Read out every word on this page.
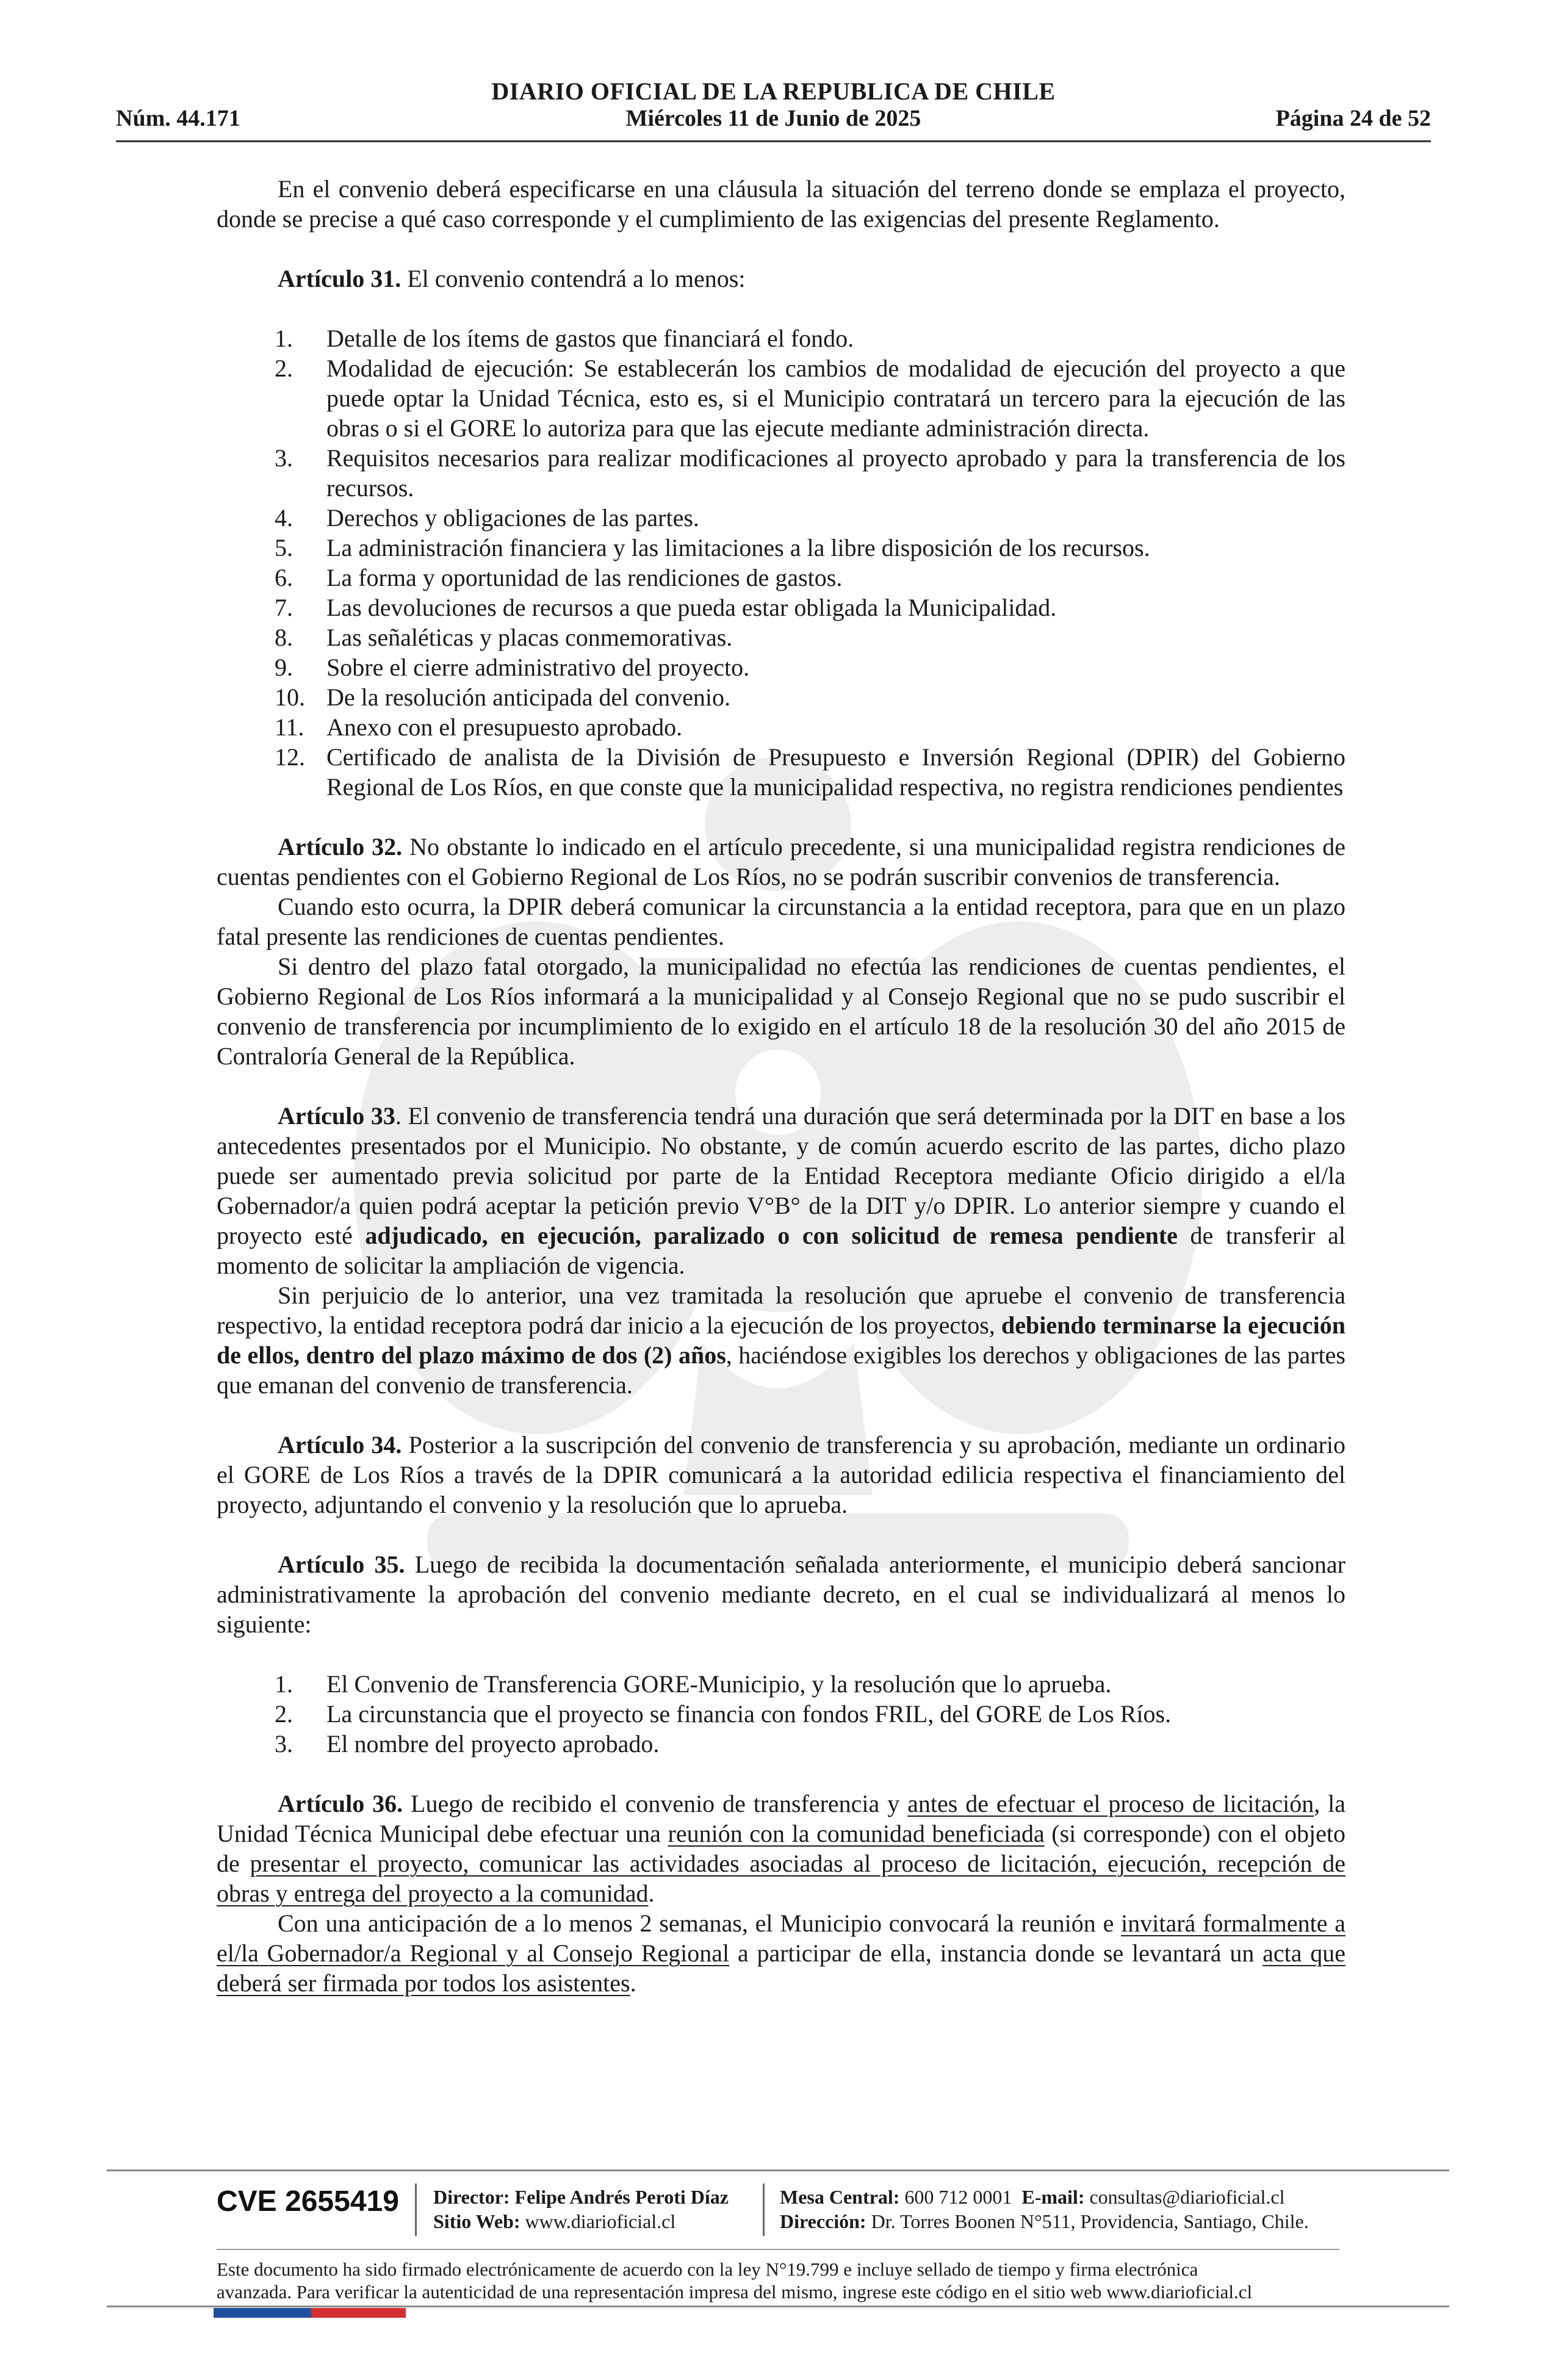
DIARIO OFICIAL DE LA REPUBLICA DE CHILE
Núm. 44.171	Miércoles 11 de Junio de 2025	Página 24 de 52

En el convenio deberá especificarse en una cláusula la situación del terreno donde se emplaza el proyecto, donde se precise a qué caso corresponde y el cumplimiento de las exigencias del presente Reglamento.

Artículo 31. El convenio contendrá a lo menos:

1. Detalle de los ítems de gastos que financiará el fondo.
2. Modalidad de ejecución: Se establecerán los cambios de modalidad de ejecución del proyecto a que puede optar la Unidad Técnica, esto es, si el Municipio contratará un tercero para la ejecución de las obras o si el GORE lo autoriza para que las ejecute mediante administración directa.
3. Requisitos necesarios para realizar modificaciones al proyecto aprobado y para la transferencia de los recursos.
4. Derechos y obligaciones de las partes.
5. La administración financiera y las limitaciones a la libre disposición de los recursos.
6. La forma y oportunidad de las rendiciones de gastos.
7. Las devoluciones de recursos a que pueda estar obligada la Municipalidad.
8. Las señaléticas y placas conmemorativas.
9. Sobre el cierre administrativo del proyecto.
10. De la resolución anticipada del convenio.
11. Anexo con el presupuesto aprobado.
12. Certificado de analista de la División de Presupuesto e Inversión Regional (DPIR) del Gobierno Regional de Los Ríos, en que conste que la municipalidad respectiva, no registra rendiciones pendientes

Artículo 32. No obstante lo indicado en el artículo precedente, si una municipalidad registra rendiciones de cuentas pendientes con el Gobierno Regional de Los Ríos, no se podrán suscribir convenios de transferencia.

Cuando esto ocurra, la DPIR deberá comunicar la circunstancia a la entidad receptora, para que en un plazo fatal presente las rendiciones de cuentas pendientes.

Si dentro del plazo fatal otorgado, la municipalidad no efectúa las rendiciones de cuentas pendientes, el Gobierno Regional de Los Ríos informará a la municipalidad y al Consejo Regional que no se pudo suscribir el convenio de transferencia por incumplimiento de lo exigido en el artículo 18 de la resolución 30 del año 2015 de Contraloría General de la República.

Artículo 33. El convenio de transferencia tendrá una duración que será determinada por la DIT en base a los antecedentes presentados por el Municipio. No obstante, y de común acuerdo escrito de las partes, dicho plazo puede ser aumentado previa solicitud por parte de la Entidad Receptora mediante Oficio dirigido a el/la Gobernador/a quien podrá aceptar la petición previo V°B° de la DIT y/o DPIR. Lo anterior siempre y cuando el proyecto esté adjudicado, en ejecución, paralizado o con solicitud de remesa pendiente de transferir al momento de solicitar la ampliación de vigencia.

Sin perjuicio de lo anterior, una vez tramitada la resolución que apruebe el convenio de transferencia respectivo, la entidad receptora podrá dar inicio a la ejecución de los proyectos, debiendo terminarse la ejecución de ellos, dentro del plazo máximo de dos (2) años, haciéndose exigibles los derechos y obligaciones de las partes que emanan del convenio de transferencia.

Artículo 34. Posterior a la suscripción del convenio de transferencia y su aprobación, mediante un ordinario el GORE de Los Ríos a través de la DPIR comunicará a la autoridad edilicia respectiva el financiamiento del proyecto, adjuntando el convenio y la resolución que lo aprueba.

Artículo 35. Luego de recibida la documentación señalada anteriormente, el municipio deberá sancionar administrativamente la aprobación del convenio mediante decreto, en el cual se individualizará al menos lo siguiente:

1. El Convenio de Transferencia GORE-Municipio, y la resolución que lo aprueba.
2. La circunstancia que el proyecto se financia con fondos FRIL, del GORE de Los Ríos.
3. El nombre del proyecto aprobado.

Artículo 36. Luego de recibido el convenio de transferencia y antes de efectuar el proceso de licitación, la Unidad Técnica Municipal debe efectuar una reunión con la comunidad beneficiada (si corresponde) con el objeto de presentar el proyecto, comunicar las actividades asociadas al proceso de licitación, ejecución, recepción de obras y entrega del proyecto a la comunidad.

Con una anticipación de a lo menos 2 semanas, el Municipio convocará la reunión e invitará formalmente a el/la Gobernador/a Regional y al Consejo Regional a participar de ella, instancia donde se levantará un acta que deberá ser firmada por todos los asistentes.

CVE 2655419 Director: Felipe Andrés Peroti Díaz
Sitio Web: www.diarioficial.cl
Mesa Central: 600 712 0001 E-mail: consultas@diarioficial.cl
Dirección: Dr. Torres Boonen N°511, Providencia, Santiago, Chile.
Este documento ha sido firmado electrónicamente de acuerdo con la ley N°19.799 e incluye sellado de tiempo y firma electrónica
avanzada. Para verificar la autenticidad de una representación impresa del mismo, ingrese este código en el sitio web www.diarioficial.cl
